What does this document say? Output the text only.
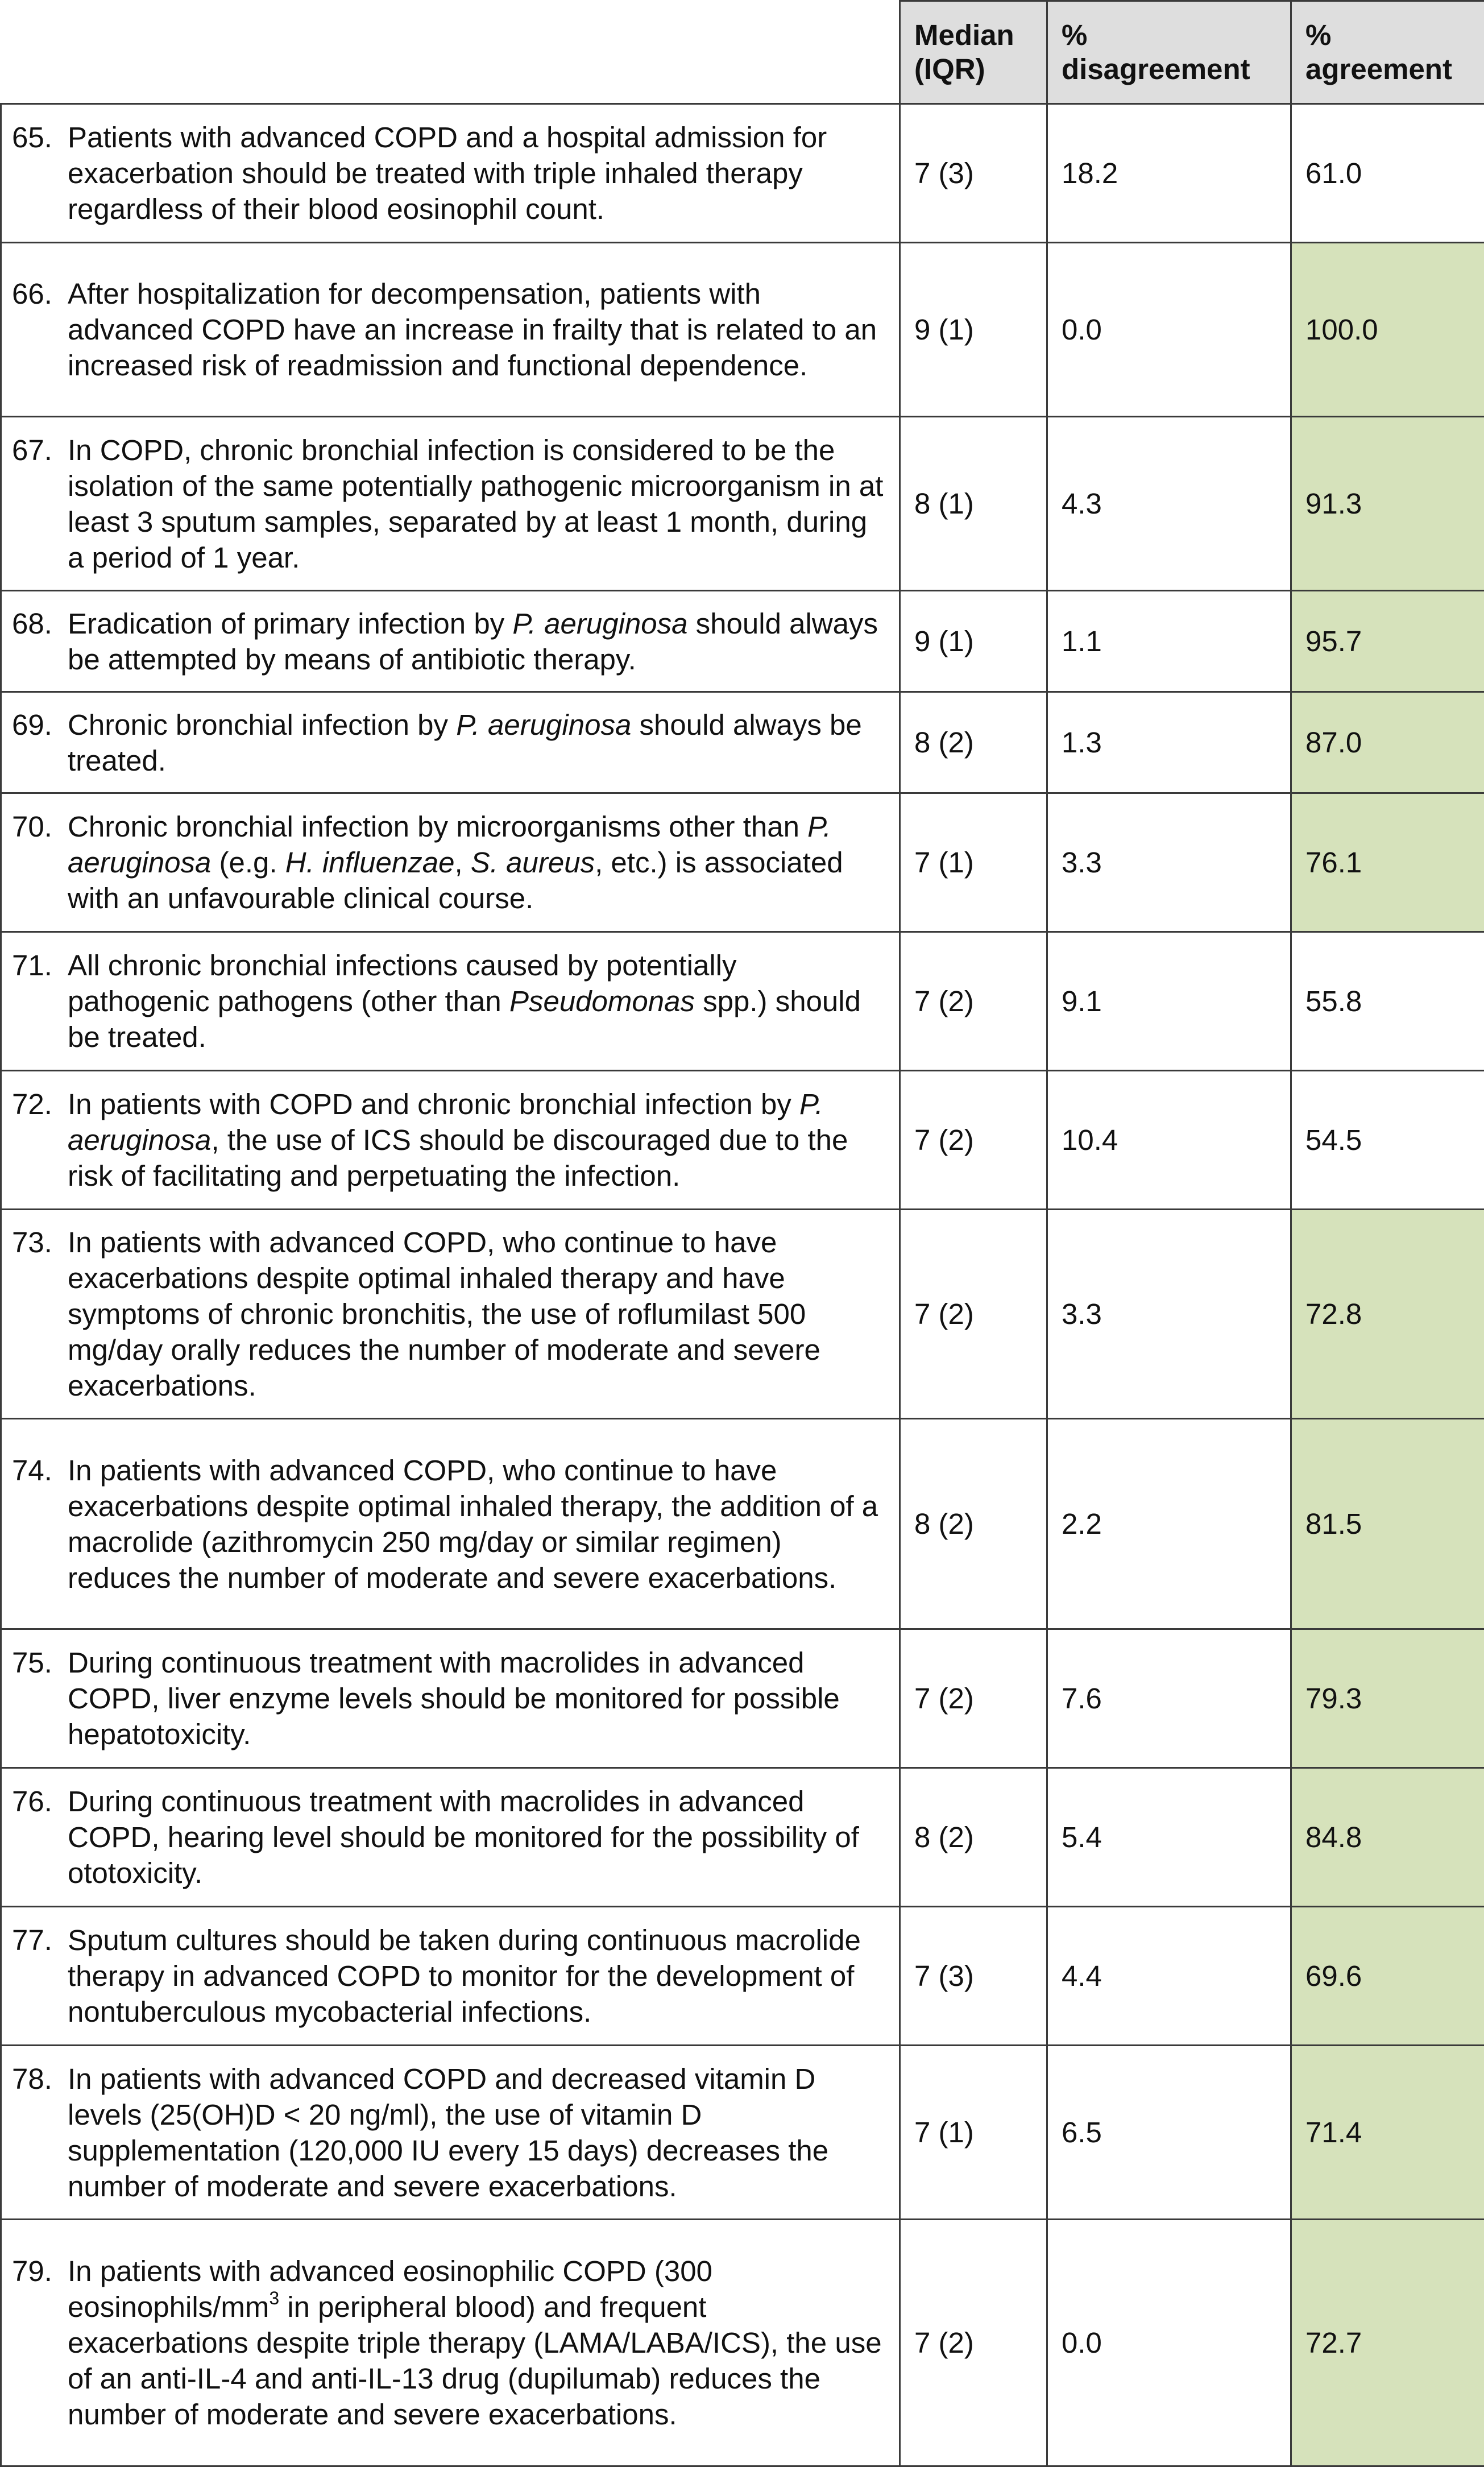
	Median (IQR)	% disagreement	% agreement
65. Patients with advanced COPD and a hospital admission for exacerbation should be treated with triple inhaled therapy regardless of their blood eosinophil count.	7 (3)	18.2	61.0
66. After hospitalization for decompensation, patients with advanced COPD have an increase in frailty that is related to an increased risk of readmission and functional dependence.	9 (1)	0.0	100.0
67. In COPD, chronic bronchial infection is considered to be the isolation of the same potentially pathogenic microorganism in at least 3 sputum samples, separated by at least 1 month, during a period of 1 year.	8 (1)	4.3	91.3
68. Eradication of primary infection by P. aeruginosa should always be attempted by means of antibiotic therapy.	9 (1)	1.1	95.7
69. Chronic bronchial infection by P. aeruginosa should always be treated.	8 (2)	1.3	87.0
70. Chronic bronchial infection by microorganisms other than P. aeruginosa (e.g. H. influenzae, S. aureus, etc.) is associated with an unfavourable clinical course.	7 (1)	3.3	76.1
71. All chronic bronchial infections caused by potentially pathogenic pathogens (other than Pseudomonas spp.) should be treated.	7 (2)	9.1	55.8
72. In patients with COPD and chronic bronchial infection by P. aeruginosa, the use of ICS should be discouraged due to the risk of facilitating and perpetuating the infection.	7 (2)	10.4	54.5
73. In patients with advanced COPD, who continue to have exacerbations despite optimal inhaled therapy and have symptoms of chronic bronchitis, the use of roflumilast 500 mg/day orally reduces the number of moderate and severe exacerbations.	7 (2)	3.3	72.8
74. In patients with advanced COPD, who continue to have exacerbations despite optimal inhaled therapy, the addition of a macrolide (azithromycin 250 mg/day or similar regimen) reduces the number of moderate and severe exacerbations.	8 (2)	2.2	81.5
75. During continuous treatment with macrolides in advanced COPD, liver enzyme levels should be monitored for possible hepatotoxicity.	7 (2)	7.6	79.3
76. During continuous treatment with macrolides in advanced COPD, hearing level should be monitored for the possibility of ototoxicity.	8 (2)	5.4	84.8
77. Sputum cultures should be taken during continuous macrolide therapy in advanced COPD to monitor for the development of nontuberculous mycobacterial infections.	7 (3)	4.4	69.6
78. In patients with advanced COPD and decreased vitamin D levels (25(OH)D < 20 ng/ml), the use of vitamin D supplementation (120,000 IU every 15 days) decreases the number of moderate and severe exacerbations.	7 (1)	6.5	71.4
79. In patients with advanced eosinophilic COPD (300 eosinophils/$mm^3$ in peripheral blood) and frequent exacerbations despite triple therapy (LAMA/LABA/ICS), the use of an anti-IL-4 and anti-IL-13 drug (dupilumab) reduces the number of moderate and severe exacerbations.	7 (2)	0.0	72.7
